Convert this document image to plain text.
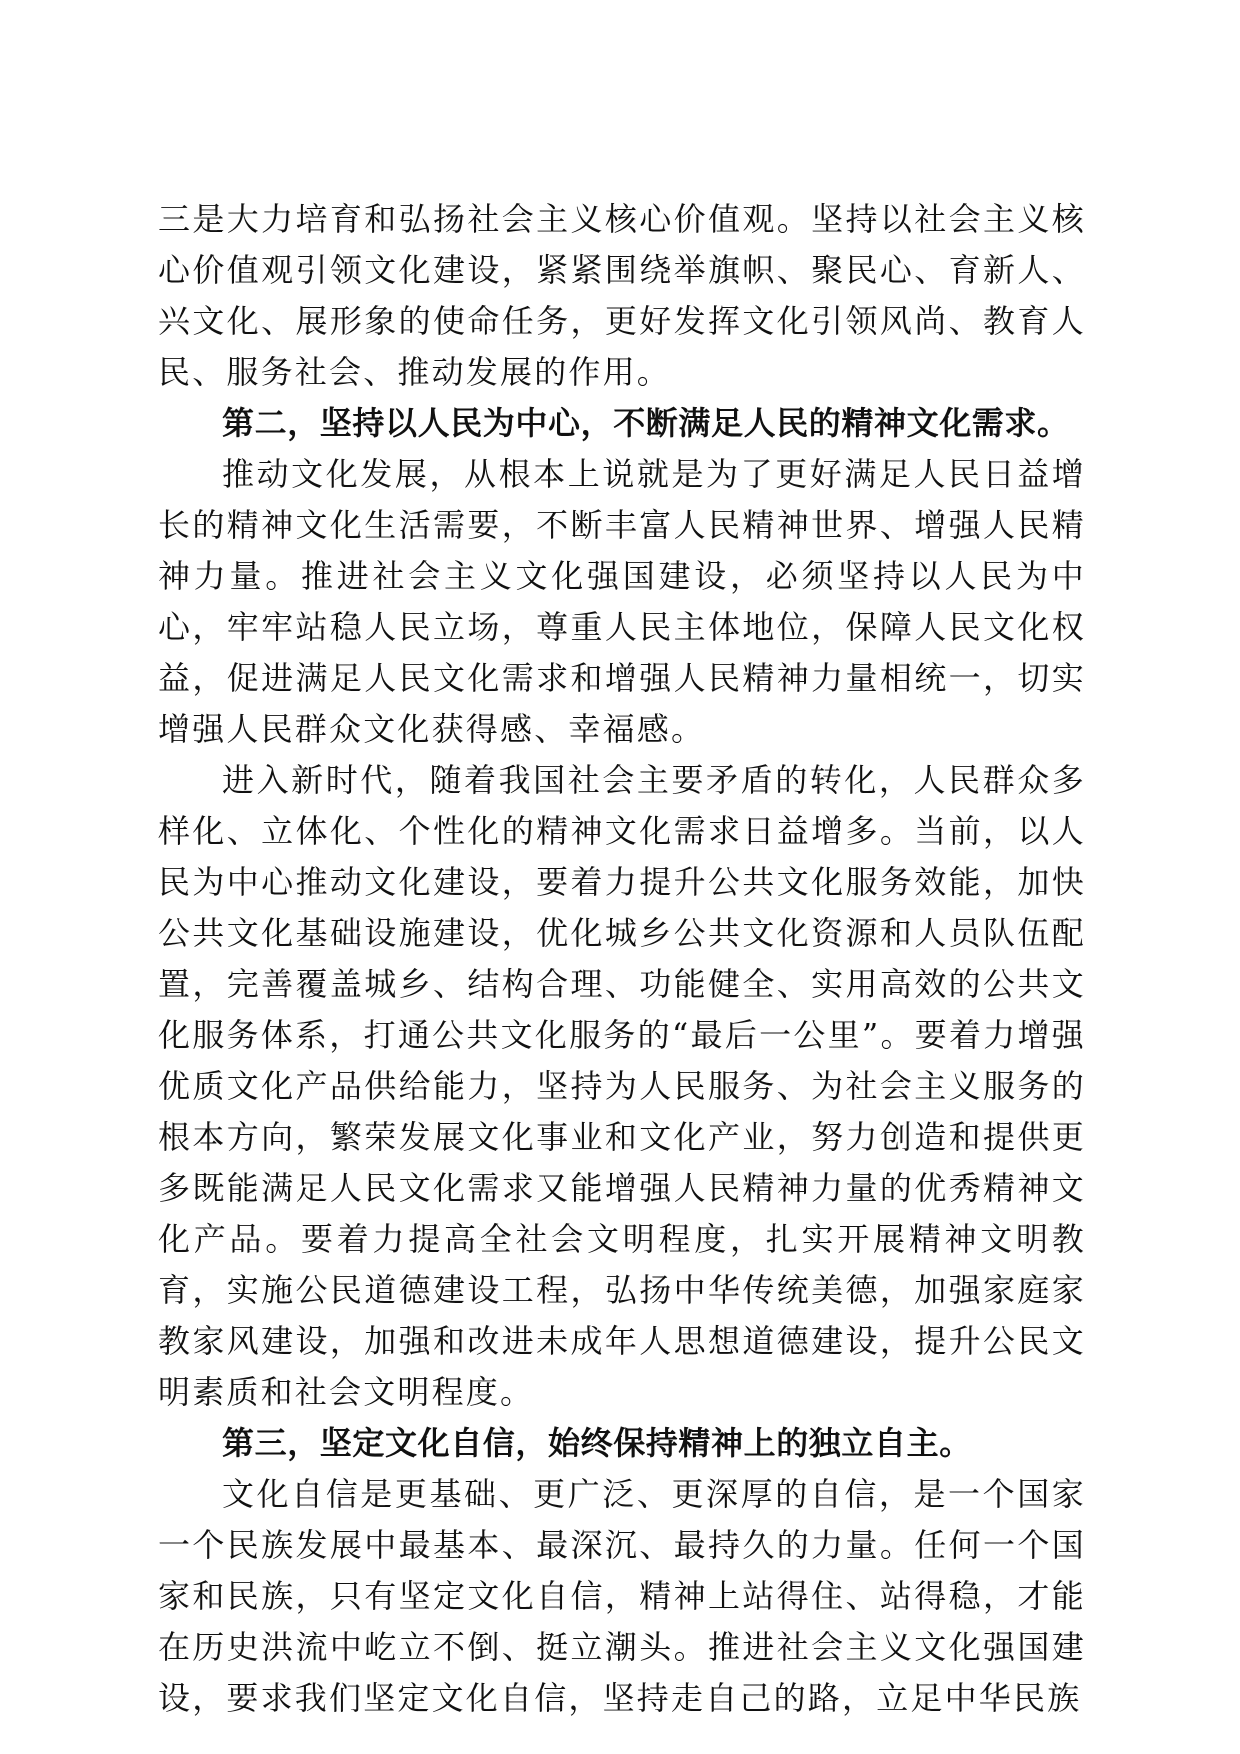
三是大力培育和弘扬社会主义核心价值观。坚持以社会主义核心价值观引领文化建设，紧紧围绕举旗帜、聚民心、育新人、兴文化、展形象的使命任务，更好发挥文化引领风尚、教育人民、服务社会、推动发展的作用。

第二，坚持以人民为中心，不断满足人民的精神文化需求。

推动文化发展，从根本上说就是为了更好满足人民日益增长的精神文化生活需要，不断丰富人民精神世界、增强人民精神力量。推进社会主义文化强国建设，必须坚持以人民为中心，牢牢站稳人民立场，尊重人民主体地位，保障人民文化权益，促进满足人民文化需求和增强人民精神力量相统一，切实增强人民群众文化获得感、幸福感。

进入新时代，随着我国社会主要矛盾的转化，人民群众多样化、立体化、个性化的精神文化需求日益增多。当前，以人民为中心推动文化建设，要着力提升公共文化服务效能，加快公共文化基础设施建设，优化城乡公共文化资源和人员队伍配置，完善覆盖城乡、结构合理、功能健全、实用高效的公共文化服务体系，打通公共文化服务的“最后一公里”。要着力增强优质文化产品供给能力，坚持为人民服务、为社会主义服务的根本方向，繁荣发展文化事业和文化产业，努力创造和提供更多既能满足人民文化需求又能增强人民精神力量的优秀精神文化产品。要着力提高全社会文明程度，扎实开展精神文明教育，实施公民道德建设工程，弘扬中华传统美德，加强家庭家教家风建设，加强和改进未成年人思想道德建设，提升公民文明素质和社会文明程度。

第三，坚定文化自信，始终保持精神上的独立自主。

文化自信是更基础、更广泛、更深厚的自信，是一个国家一个民族发展中最基本、最深沉、最持久的力量。任何一个国家和民族，只有坚定文化自信，精神上站得住、站得稳，才能在历史洪流中屹立不倒、挺立潮头。推进社会主义文化强国建设，要求我们坚定文化自信，坚持走自己的路，立足中华民族
